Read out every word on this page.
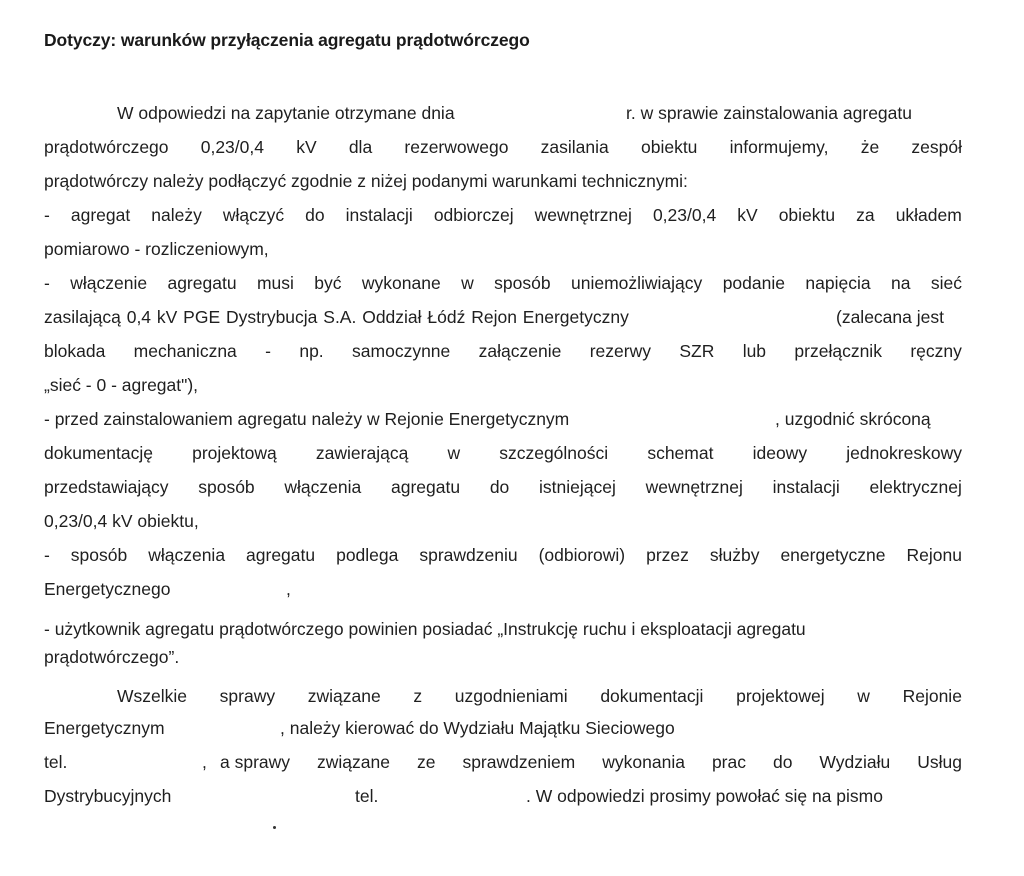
Dotyczy: warunków przyłączenia agregatu prądotwórczego
W odpowiedzi na zapytanie otrzymane dnia	r. w sprawie zainstalowania agregatu
prądotwórczego 0,23/0,4 kV dla rezerwowego zasilania obiektu informujemy, że zespół
prądotwórczy należy podłączyć zgodnie z niżej podanymi warunkami technicznymi:
- agregat należy włączyć do instalacji odbiorczej wewnętrznej 0,23/0,4 kV obiektu za układem
pomiarowo - rozliczeniowym,
- włączenie agregatu musi być wykonane w sposób uniemożliwiający podanie napięcia na sieć
zasilającą 0,4 kV PGE Dystrybucja S.A. Oddział Łódź Rejon Energetyczny	(zalecana jest
blokada mechaniczna - np. samoczynne załączenie rezerwy SZR lub przełącznik ręczny
„sieć - 0 - agregat"),
- przed zainstalowaniem agregatu należy w Rejonie Energetycznym	, uzgodnić skróconą
dokumentację projektową zawierającą w szczególności schemat ideowy jednokreskowy
przedstawiający sposób włączenia agregatu do istniejącej wewnętrznej instalacji elektrycznej
0,23/0,4 kV obiektu,
- sposób włączenia agregatu podlega sprawdzeniu (odbiorowi) przez służby energetyczne Rejonu
Energetycznego	,
- użytkownik agregatu prądotwórczego powinien posiadać „Instrukcję ruchu i eksploatacji agregatu
prądotwórczego”.
Wszelkie sprawy związane z uzgodnieniami dokumentacji projektowej w Rejonie
Energetycznym	, należy kierować do Wydziału Majątku Sieciowego
tel.	, a sprawy związane ze sprawdzeniem wykonania prac do Wydziału Usług
Dystrybucyjnych	tel.	. W odpowiedzi prosimy powołać się na pismo
